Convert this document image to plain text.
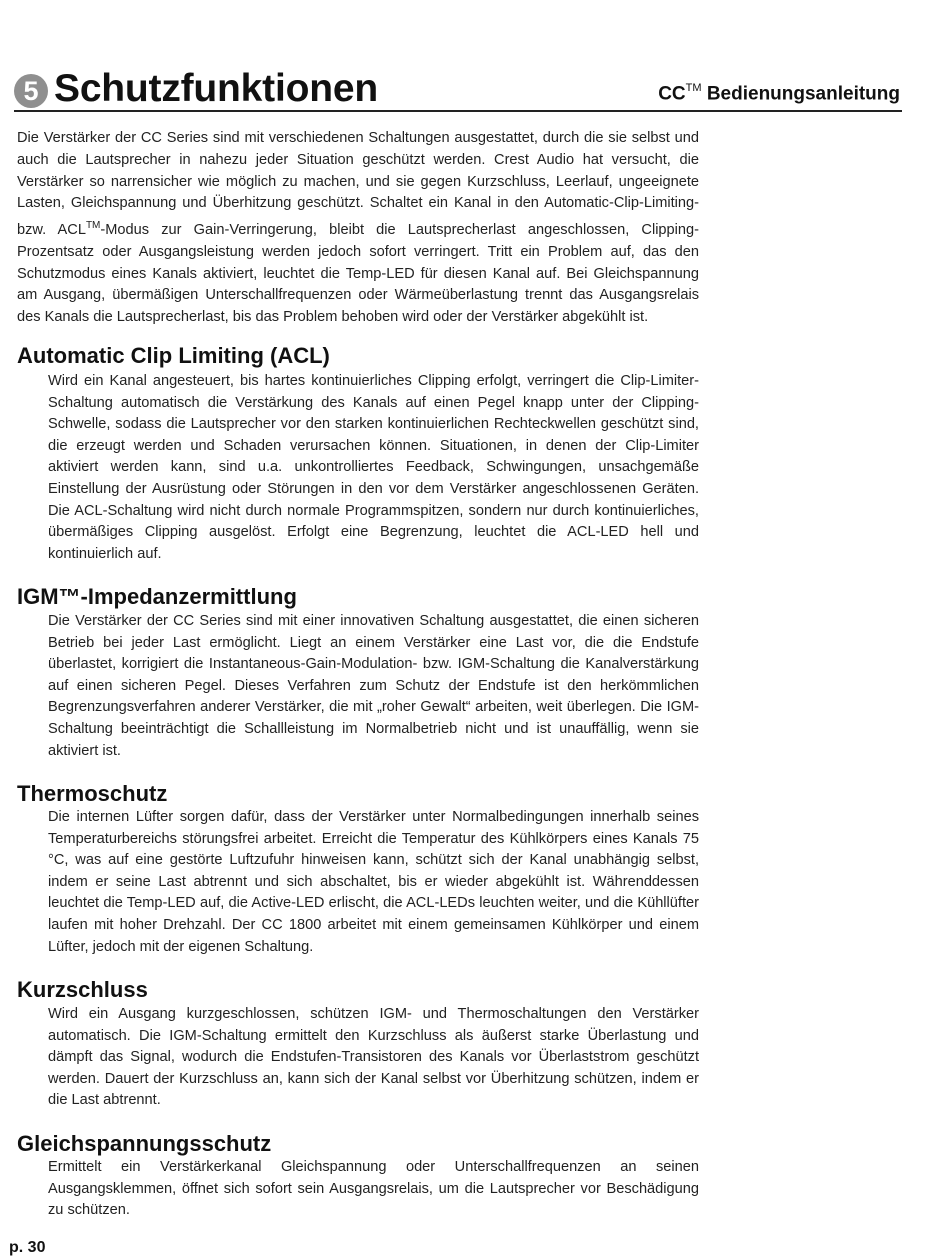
5 Schutzfunktionen	CC™ Bedienungsanleitung

Die Verstärker der CC Series sind mit verschiedenen Schaltungen ausgestattet, durch die sie selbst und auch die Lautsprecher in nahezu jeder Situation geschützt werden. Crest Audio hat versucht, die Verstärker so narrensicher wie möglich zu machen, und sie gegen Kurzschluss, Leerlauf, ungeeignete Lasten, Gleichspannung und Überhitzung geschützt. Schaltet ein Kanal in den Automatic-Clip-Limiting- bzw. ACL™-Modus zur Gain-Verringerung, bleibt die Lautsprecherlast angeschlossen, Clipping-Prozentsatz oder Ausgangsleistung werden jedoch sofort verringert. Tritt ein Problem auf, das den Schutzmodus eines Kanals aktiviert, leuchtet die Temp-LED für diesen Kanal auf. Bei Gleichspannung am Ausgang, übermäßigen Unterschallfrequenzen oder Wärmeüberlastung trennt das Ausgangsrelais des Kanals die Lautsprecherlast, bis das Problem behoben wird oder der Verstärker abgekühlt ist.

Automatic Clip Limiting (ACL)

Wird ein Kanal angesteuert, bis hartes kontinuierliches Clipping erfolgt, verringert die Clip-Limiter-Schaltung automatisch die Verstärkung des Kanals auf einen Pegel knapp unter der Clipping-Schwelle, sodass die Lautsprecher vor den starken kontinuierlichen Rechteckwellen geschützt sind, die erzeugt werden und Schaden verursachen können. Situationen, in denen der Clip-Limiter aktiviert werden kann, sind u.a. unkontrolliertes Feedback, Schwingungen, unsachgemäße Einstellung der Ausrüstung oder Störungen in den vor dem Verstärker angeschlossenen Geräten. Die ACL-Schaltung wird nicht durch normale Programmspitzen, sondern nur durch kontinuierliches, übermäßiges Clipping ausgelöst. Erfolgt eine Begrenzung, leuchtet die ACL-LED hell und kontinuierlich auf.

IGM™-Impedanzermittlung

Die Verstärker der CC Series sind mit einer innovativen Schaltung ausgestattet, die einen sicheren Betrieb bei jeder Last ermöglicht. Liegt an einem Verstärker eine Last vor, die die Endstufe überlastet, korrigiert die Instantaneous-Gain-Modulation- bzw. IGM-Schaltung die Kanalverstärkung auf einen sicheren Pegel. Dieses Verfahren zum Schutz der Endstufe ist den herkömmlichen Begrenzungsverfahren anderer Verstärker, die mit „roher Gewalt“ arbeiten, weit überlegen. Die IGM-Schaltung beeinträchtigt die Schallleistung im Normalbetrieb nicht und ist unauffällig, wenn sie aktiviert ist.

Thermoschutz

Die internen Lüfter sorgen dafür, dass der Verstärker unter Normalbedingungen innerhalb seines Temperaturbereichs störungsfrei arbeitet. Erreicht die Temperatur des Kühlkörpers eines Kanals 75 °C, was auf eine gestörte Luftzufuhr hinweisen kann, schützt sich der Kanal unabhängig selbst, indem er seine Last abtrennt und sich abschaltet, bis er wieder abgekühlt ist. Währenddessen leuchtet die Temp-LED auf, die Active-LED erlischt, die ACL-LEDs leuchten weiter, und die Kühllüfter laufen mit hoher Drehzahl. Der CC 1800 arbeitet mit einem gemeinsamen Kühlkörper und einem Lüfter, jedoch mit der eigenen Schaltung.

Kurzschluss

Wird ein Ausgang kurzgeschlossen, schützen IGM- und Thermoschaltungen den Verstärker automatisch. Die IGM-Schaltung ermittelt den Kurzschluss als äußerst starke Überlastung und dämpft das Signal, wodurch die Endstufen-Transistoren des Kanals vor Überlaststrom geschützt werden. Dauert der Kurzschluss an, kann sich der Kanal selbst vor Überhitzung schützen, indem er die Last abtrennt.

Gleichspannungsschutz

Ermittelt ein Verstärkerkanal Gleichspannung oder Unterschallfrequenzen an seinen Ausgangsklemmen, öffnet sich sofort sein Ausgangsrelais, um die Lautsprecher vor Beschädigung zu schützen.

p. 30
